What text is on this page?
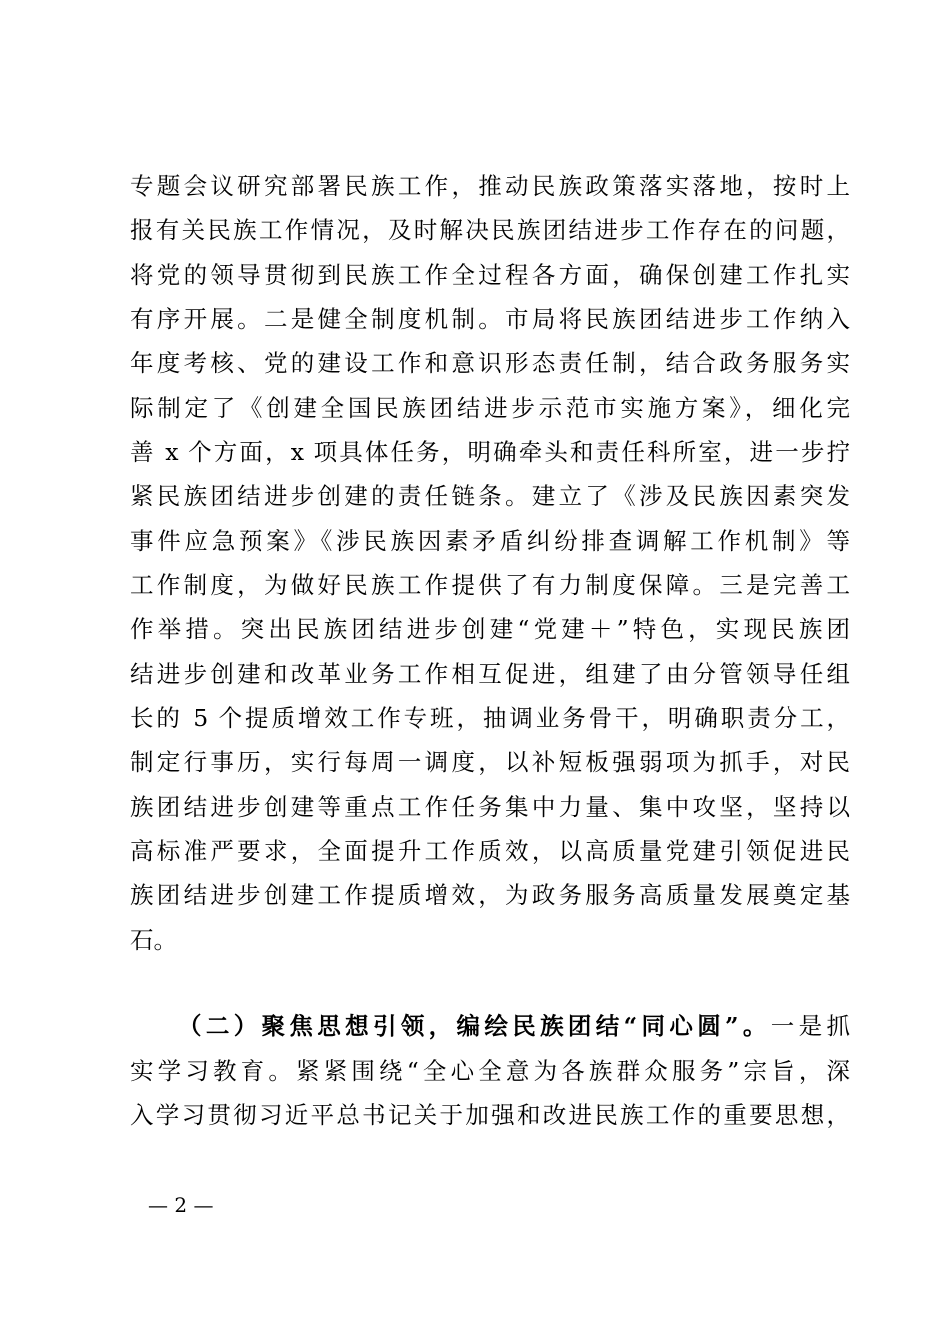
专题会议研究部署民族工作，推动民族政策落实落地，按时上
报有关民族工作情况，及时解决民族团结进步工作存在的问题，
将党的领导贯彻到民族工作全过程各方面，确保创建工作扎实
有序开展。二是健全制度机制。市局将民族团结进步工作纳入
年度考核、党的建设工作和意识形态责任制，结合政务服务实
际制定了《创建全国民族团结进步示范市实施方案》，细化完
善 x 个方面，x 项具体任务，明确牵头和责任科所室，进一步拧
紧民族团结进步创建的责任链条。建立了《涉及民族因素突发
事件应急预案》《涉民族因素矛盾纠纷排查调解工作机制》等
工作制度，为做好民族工作提供了有力制度保障。三是完善工
作举措。突出民族团结进步创建“党建＋”特色，实现民族团
结进步创建和改革业务工作相互促进，组建了由分管领导任组
长的 5 个提质增效工作专班，抽调业务骨干，明确职责分工，
制定行事历，实行每周一调度，以补短板强弱项为抓手，对民
族团结进步创建等重点工作任务集中力量、集中攻坚，坚持以
高标准严要求，全面提升工作质效，以高质量党建引领促进民
族团结进步创建工作提质增效，为政务服务高质量发展奠定基
石。
（二）聚焦思想引领，编绘民族团结“同心圆”。一是抓
实学习教育。紧紧围绕“全心全意为各族群众服务”宗旨，深
入学习贯彻习近平总书记关于加强和改进民族工作的重要思想，
— 2 —
